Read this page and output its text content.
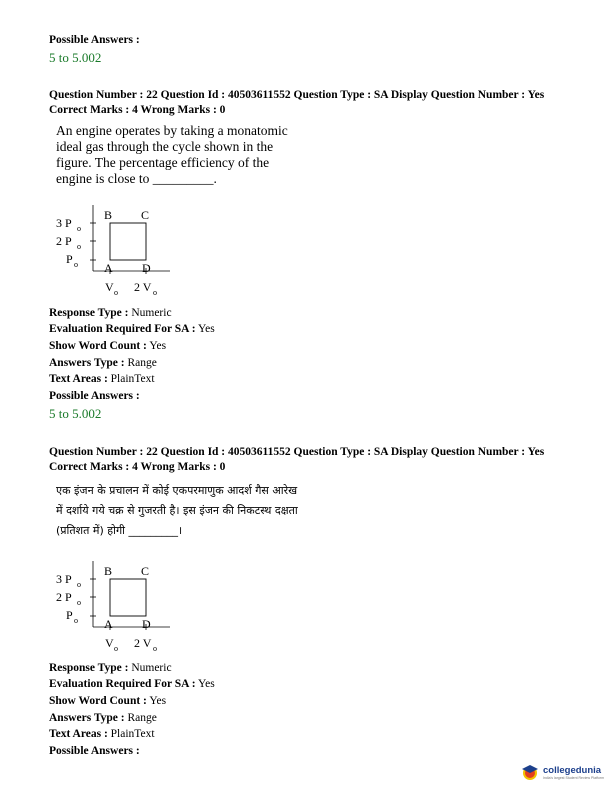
Possible Answers :
5 to 5.002
Question Number : 22 Question Id : 40503611552 Question Type : SA Display Question Number : Yes
Correct Marks : 4 Wrong Marks : 0
An engine operates by taking a monatomic ideal gas through the cycle shown in the figure. The percentage efficiency of the engine is close to _________.
3 P o
2 P o
P o
B C
A D
V o 2 V o
Response Type : Numeric
Evaluation Required For SA : Yes
Show Word Count : Yes
Answers Type : Range
Text Areas : PlainText
Possible Answers :
5 to 5.002
Question Number : 22 Question Id : 40503611552 Question Type : SA Display Question Number : Yes
Correct Marks : 4 Wrong Marks : 0
एक इंजन के प्रचालन में कोई एकपरमाणुक आदर्श गैस आरेख में दर्शाये गये चक्र से गुजरती है। इस इंजन की निकटस्थ दक्षता (प्रतिशत में) होगी _________।
3 P o
2 P o
P o
B C
A D
V o 2 V o
Response Type : Numeric
Evaluation Required For SA : Yes
Show Word Count : Yes
Answers Type : Range
Text Areas : PlainText
Possible Answers :
collegedunia
India's largest Student Review Platform
